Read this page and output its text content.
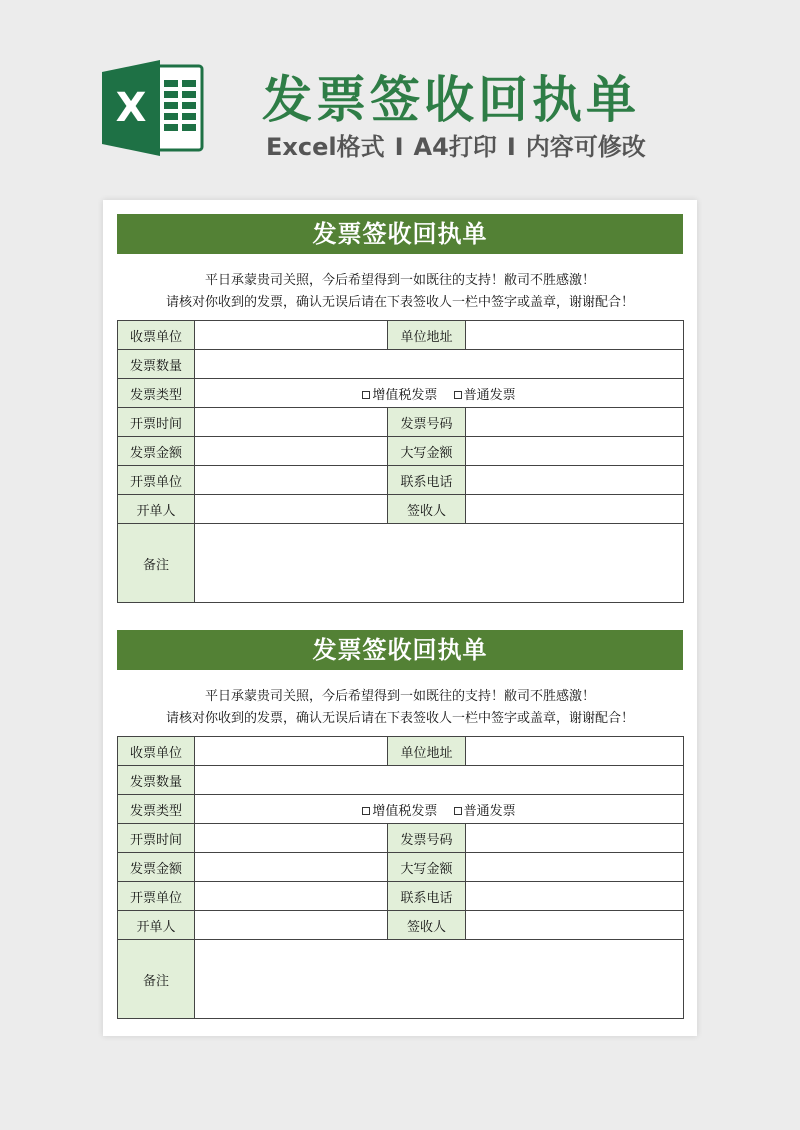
X 发票签收回执单
Excel格式 I A4打印 I 内容可修改
发票签收回执单
平日承蒙贵司关照，今后希望得到一如既往的支持！敝司不胜感激！
请核对你收到的发票，确认无误后请在下表签收人一栏中签字或盖章，谢谢配合！
收票单位		单位地址	
发票数量			
发票类型	增值税发票 普通发票		
开票时间		发票号码	
发票金额		大写金额	
开票单位		联系电话	
开单人		签收人	
备注			
发票签收回执单
平日承蒙贵司关照，今后希望得到一如既往的支持！敝司不胜感激！
请核对你收到的发票，确认无误后请在下表签收人一栏中签字或盖章，谢谢配合！
收票单位		单位地址	
发票数量			
发票类型	增值税发票 普通发票		
开票时间		发票号码	
发票金额		大写金额	
开票单位		联系电话	
开单人		签收人	
备注			
